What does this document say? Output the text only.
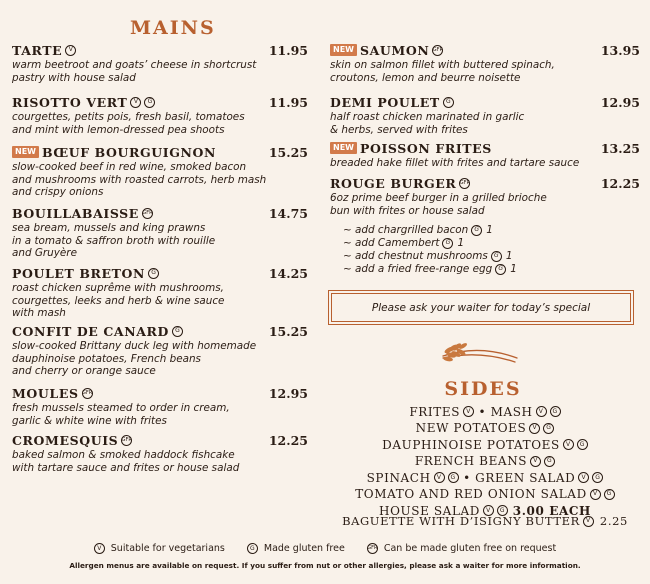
MAINS
TARTE	V	11.95
warm beetroot and goats’ cheese in shortcrust
pastry with house salad
RISOTTO VERT	V	G	11.95
courgettes, petits pois, fresh basil, tomatoes
and mint with lemon-dressed pea shoots
NEW BŒUF BOURGUIGNON	15.25
slow-cooked beef in red wine, smoked bacon
and mushrooms with roasted carrots, herb mash
and crispy onions
BOUILLABAISSE GFR	14.75
sea bream, mussels and king prawns
in a tomato & saffron broth with rouille
and Gruyère
POULET BRETON	G	14.25
roast chicken suprême with mushrooms,
courgettes, leeks and herb & wine sauce
with mash
CONFIT DE CANARD	G	15.25
slow-cooked Brittany duck leg with homemade
dauphinoise potatoes, French beans
and cherry or orange sauce
MOULES GFR	12.95
fresh mussels steamed to order in cream,
garlic & white wine with frites
CROMESQUIS GFR	12.25
baked salmon & smoked haddock fishcake
with tartare sauce and frites or house salad
NEW SAUMON GFR	13.95
skin on salmon fillet with buttered spinach,
croutons, lemon and beurre noisette
DEMI POULET	G	12.95
half roast chicken marinated in garlic
& herbs, served with frites
NEW POISSON FRITES	13.25
breaded hake fillet with frites and tartare sauce
ROUGE BURGER GFR	12.25
6oz prime beef burger in a grilled brioche
bun with frites or house salad
~ add chargrilled bacon	G 1
~ add Camembert	G 1
~ add chestnut mushrooms	G 1
~ add a fried free-range egg	G 1
Please ask your waiter for today’s special
SIDES
FRITES	V • MASH	V	G
NEW POTATOES	V	G
DAUPHINOISE POTATOES	V	G
FRENCH BEANS	V	G
SPINACH	V	G • GREEN SALAD	V	G
TOMATO AND RED ONION SALAD	V	G
HOUSE SALAD	V	G 3.00 EACH
BAGUETTE WITH D’ISIGNY BUTTER	V 2.25
V Suitable for vegetarians	G Made gluten free	GFR Can be made gluten free on request
Allergen menus are available on request. If you suffer from nut or other allergies, please ask a waiter for more information.
